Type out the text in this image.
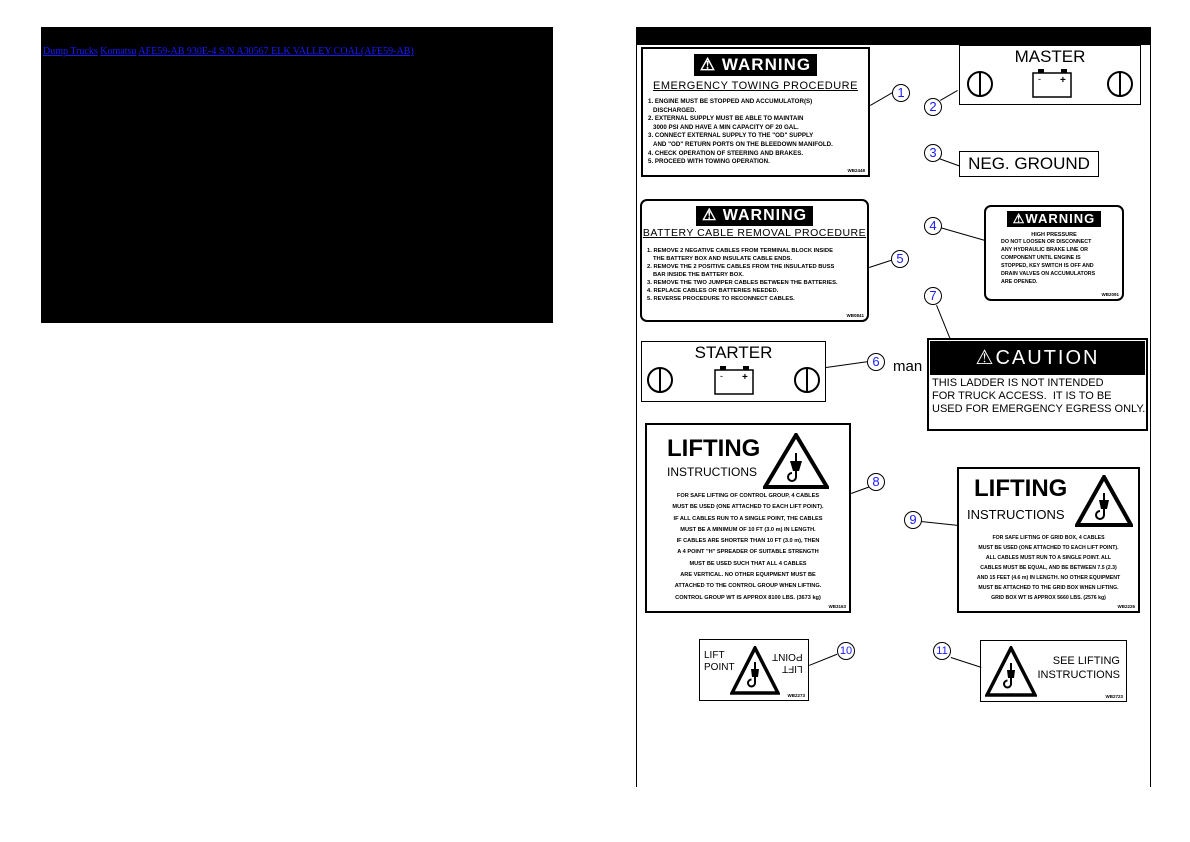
Dump Trucks Komatsu AFE59-AB 930E-4 S/N A30567 ELK VALLEY COAL(AFE59-AB)
⚠ WARNING
EMERGENCY TOWING PROCEDURE
1. ENGINE MUST BE STOPPED AND ACCUMULATOR(S)
DISCHARGED.
2. EXTERNAL SUPPLY MUST BE ABLE TO MAINTAIN
3000 PSI AND HAVE A MIN CAPACITY OF 20 GAL.
3. CONNECT EXTERNAL SUPPLY TO THE "OD" SUPPLY
AND "OD" RETURN PORTS ON THE BLEEDOWN MANIFOLD.
4. CHECK OPERATION OF STEERING AND BRAKES.
5. PROCEED WITH TOWING OPERATION.
WB2448
1
MASTER
- +
2
NEG. GROUND
3
⚠WARNING
HIGH PRESSURE
DO NOT LOOSEN OR DISCONNECT
ANY HYDRAULIC BRAKE LINE OR
COMPONENT UNTIL ENGINE IS
STOPPED, KEY SWITCH IS OFF AND
DRAIN VALVES ON ACCUMULATORS
ARE OPENED.
WB2091
4
⚠ WARNING
BATTERY CABLE REMOVAL PROCEDURE
1. REMOVE 2 NEGATIVE CABLES FROM TERMINAL BLOCK INSIDE
THE BATTERY BOX AND INSULATE CABLE ENDS.
2. REMOVE THE 2 POSITIVE CABLES FROM THE INSULATED BUSS
BAR INSIDE THE BATTERY BOX.
3. REMOVE THE TWO JUMPER CABLES BETWEEN THE BATTERIES.
4. REPLACE CABLES OR BATTERIES NEEDED.
5. REVERSE PROCEDURE TO RECONNECT CABLES.
WB0841
5
STARTER
- +
6 man	⚠CAUTION
THIS LADDER IS NOT INTENDED
FOR TRUCK ACCESS.  IT IS TO BE
USED FOR EMERGENCY EGRESS ONLY.
7
LIFTING
INSTRUCTIONS
FOR SAFE LIFTING OF CONTROL GROUP, 4 CABLES
MUST BE USED (ONE ATTACHED TO EACH LIFT POINT).
IF ALL CABLES RUN TO A SINGLE POINT, THE CABLES
MUST BE A MINIMUM OF 10 FT (3.0 m) IN LENGTH.
IF CABLES ARE SHORTER THAN 10 FT (3.0 m), THEN
A 4 POINT "H" SPREADER OF SUITABLE STRENGTH
MUST BE USED SUCH THAT ALL 4 CABLES
ARE VERTICAL. NO OTHER EQUIPMENT MUST BE
ATTACHED TO THE CONTROL GROUP WHEN LIFTING.
CONTROL GROUP WT IS APPROX 8100 LBS. (3673 kg)
WB3163
8	LIFTING
INSTRUCTIONS
FOR SAFE LIFTING OF GRID BOX, 4 CABLES
MUST BE USED (ONE ATTACHED TO EACH LIFT POINT).
ALL CABLES MUST RUN TO A SINGLE POINT. ALL
CABLES MUST BE EQUAL, AND BE BETWEEN 7.5 (2.3)
AND 15 FEET (4.6 m) IN LENGTH. NO OTHER EQUIPMENT
MUST BE ATTACHED TO THE GRID BOX WHEN LIFTING.
GRID BOX WT IS APPROX 5660 LBS. (2576 kg)
WB2226
9
LIFT
POINT	LIFT
POINT
WB2273
10
SEE LIFTING
INSTRUCTIONS
WB2723
11
